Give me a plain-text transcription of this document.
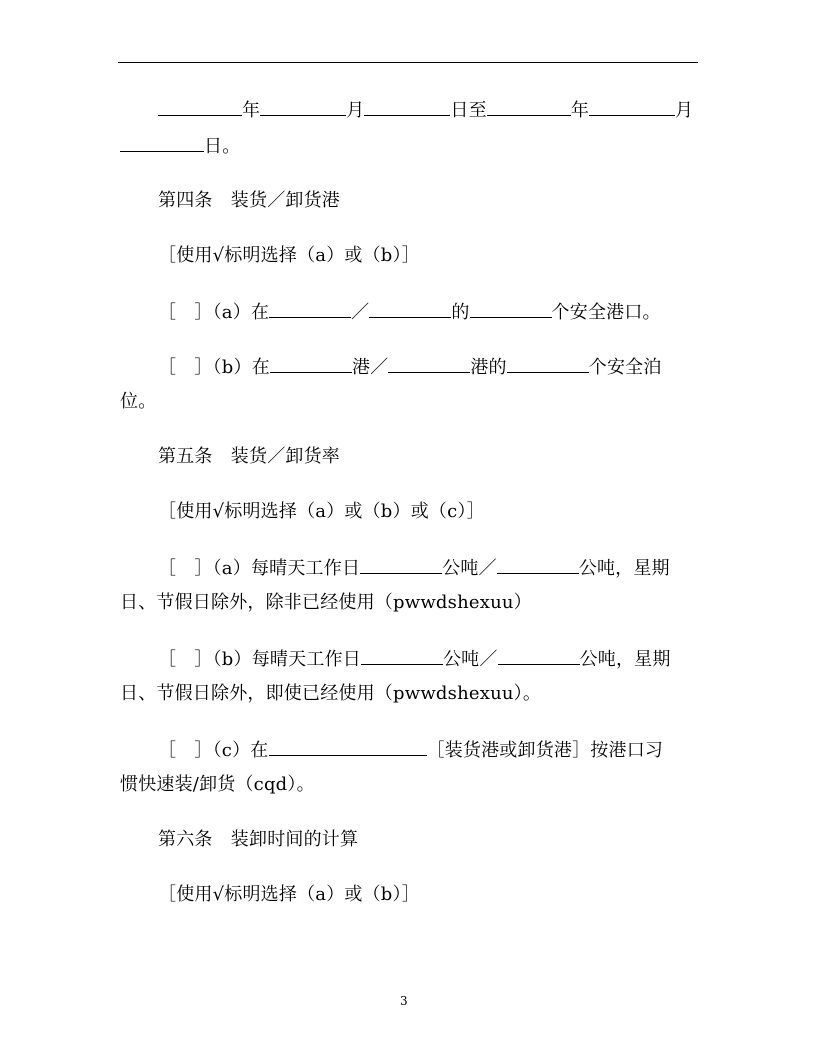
年	月	日至	年	月
日。
第四条　装货／卸货港
［使用√标明选择（a）或（b）］
［　］（a）在	／	的	个安全港口。
［　］（b）在	港／	港的	个安全泊
位。
第五条　装货／卸货率
［使用√标明选择（a）或（b）或（c）］
［　］（a）每晴天工作日	公吨／	公吨，星期
日、节假日除外，除非已经使用（pwwdshexuu）
［　］（b）每晴天工作日	公吨／	公吨，星期
日、节假日除外，即使已经使用（pwwdshexuu）。
［　］（c）在	［装货港或卸货港］按港口习
惯快速装/卸货（cqd）。
第六条　装卸时间的计算
［使用√标明选择（a）或（b）］
3
